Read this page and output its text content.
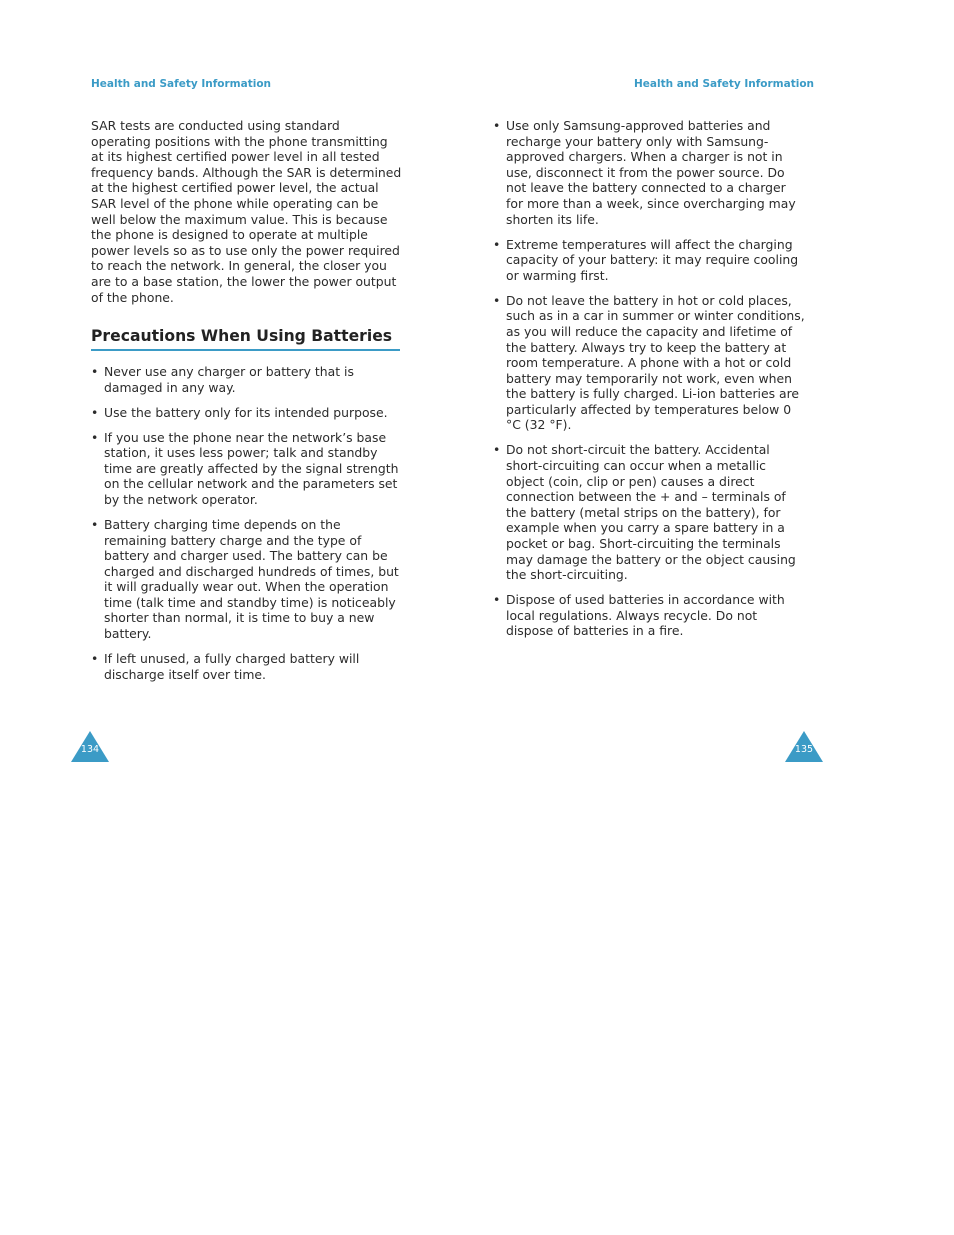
Health and Safety Information	Health and Safety Information

SAR tests are conducted using standard operating positions with the phone transmitting at its highest certified power level in all tested frequency bands. Although the SAR is determined at the highest certified power level, the actual SAR level of the phone while operating can be well below the maximum value. This is because the phone is designed to operate at multiple power levels so as to use only the power required to reach the network. In general, the closer you are to a base station, the lower the power output of the phone.

Precautions When Using Batteries
• Never use any charger or battery that is damaged in any way.
• Use the battery only for its intended purpose.
• If you use the phone near the network’s base station, it uses less power; talk and standby time are greatly affected by the signal strength on the cellular network and the parameters set by the network operator.
• Battery charging time depends on the remaining battery charge and the type of battery and charger used. The battery can be charged and discharged hundreds of times, but it will gradually wear out. When the operation time (talk time and standby time) is noticeably shorter than normal, it is time to buy a new battery.
• If left unused, a fully charged battery will discharge itself over time.
• Use only Samsung-approved batteries and recharge your battery only with Samsung-approved chargers. When a charger is not in use, disconnect it from the power source. Do not leave the battery connected to a charger for more than a week, since overcharging may shorten its life.
• Extreme temperatures will affect the charging capacity of your battery: it may require cooling or warming first.
• Do not leave the battery in hot or cold places, such as in a car in summer or winter conditions, as you will reduce the capacity and lifetime of the battery. Always try to keep the battery at room temperature. A phone with a hot or cold battery may temporarily not work, even when the battery is fully charged. Li-ion batteries are particularly affected by temperatures below 0 °C (32 °F).
• Do not short-circuit the battery. Accidental short-circuiting can occur when a metallic object (coin, clip or pen) causes a direct connection between the + and – terminals of the battery (metal strips on the battery), for example when you carry a spare battery in a pocket or bag. Short-circuiting the terminals may damage the battery or the object causing the short-circuiting.
• Dispose of used batteries in accordance with local regulations. Always recycle. Do not dispose of batteries in a fire.
134	135
